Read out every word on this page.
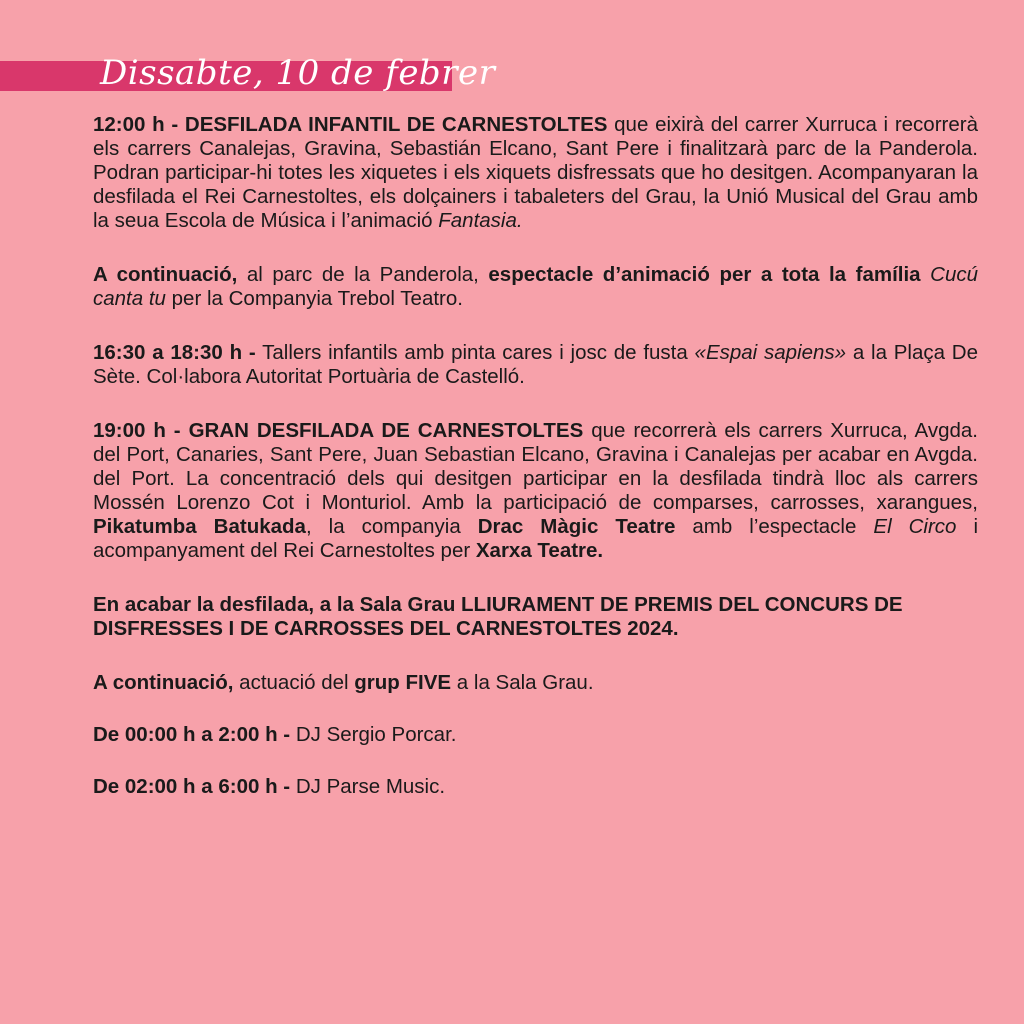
Dissabte, 10 de febrer

12:00 h - DESFILADA INFANTIL DE CARNESTOLTES que eixirà del carrer Xurruca i recorrerà els carrers Canalejas, Gravina, Sebastián Elcano, Sant Pere i finalitzarà parc de la Panderola. Podran participar-hi totes les xiquetes i els xiquets disfressats que ho desitgen. Acompanyaran la desfilada el Rei Carnestoltes, els dolçainers i tabaleters del Grau, la Unió Musical del Grau amb la seua Escola de Música i l’animació Fantasia.

A continuació, al parc de la Panderola, espectacle d’animació per a tota la família Cucú canta tu per la Companyia Trebol Teatro.

16:30 a 18:30 h - Tallers infantils amb pinta cares i josc de fusta «Espai sapiens» a la Plaça De Sète. Col·labora Autoritat Portuària de Castelló.

19:00 h - GRAN DESFILADA DE CARNESTOLTES que recorrerà els carrers Xurruca, Avgda. del Port, Canaries, Sant Pere, Juan Sebastian Elcano, Gravina i Canalejas per acabar en Avgda. del Port. La concentració dels qui desitgen participar en la desfilada tindrà lloc als carrers Mossén Lorenzo Cot i Monturiol. Amb la participació de comparses, carrosses, xarangues, Pikatumba Batukada, la companyia Drac Màgic Teatre amb l’espectacle El Circo i acompanyament del Rei Carnestoltes per Xarxa Teatre.

En acabar la desfilada, a la Sala Grau LLIURAMENT DE PREMIS DEL CONCURS DE DISFRESSES I DE CARROSSES DEL CARNESTOLTES 2024.

A continuació, actuació del grup FIVE a la Sala Grau.

De 00:00 h a 2:00 h - DJ Sergio Porcar.

De 02:00 h a 6:00 h - DJ Parse Music.
